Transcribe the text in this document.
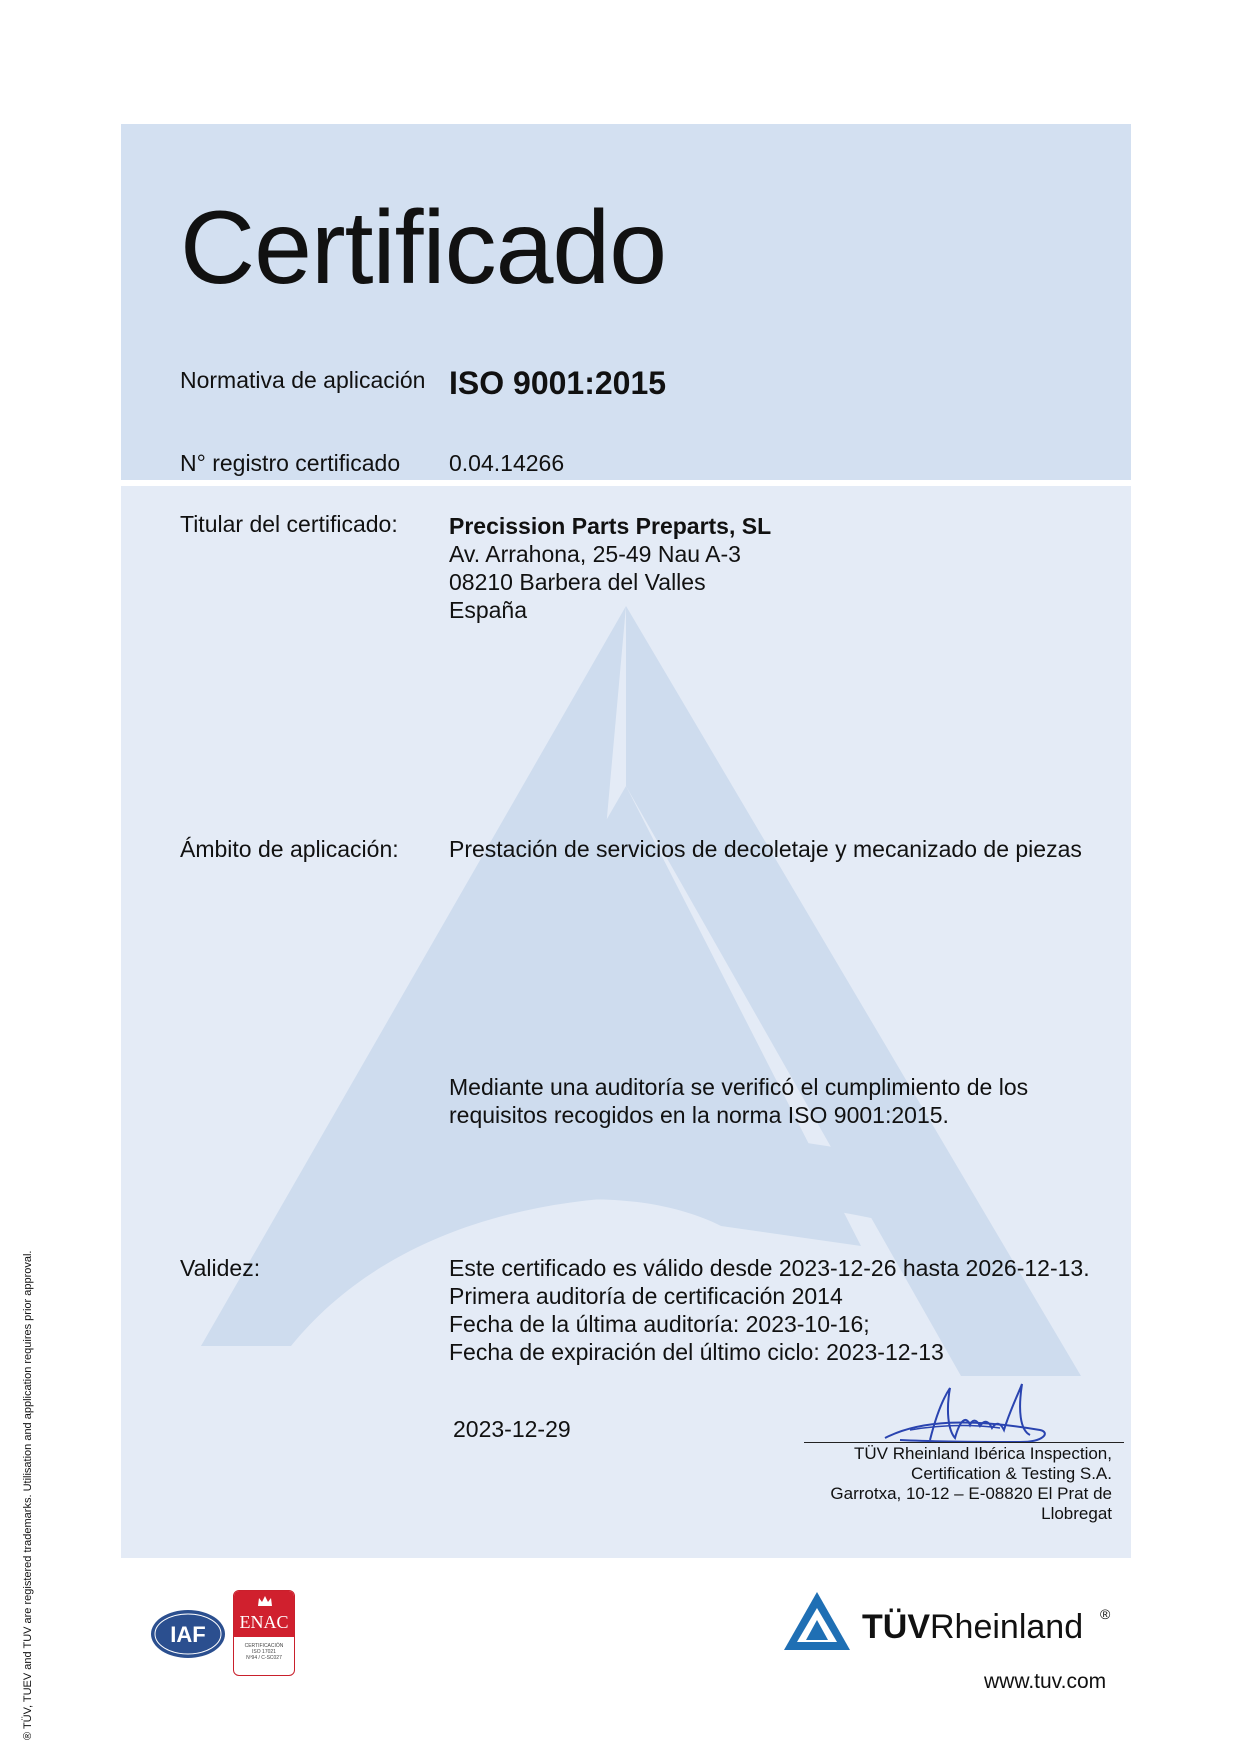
Certificado
Normativa de aplicación ISO 9001:2015
N° registro certificado 0.04.14266
Titular del certificado: Precission Parts Preparts, SL
Av. Arrahona, 25-49 Nau A-3
08210 Barbera del Valles
España
Ámbito de aplicación: Prestación de servicios de decoletaje y mecanizado de piezas
Mediante una auditoría se verificó el cumplimiento de los
requisitos recogidos en la norma ISO 9001:2015.
Validez:	Este certificado es válido desde 2023-12-26 hasta 2026-12-13.
Primera auditoría de certificación 2014
Fecha de la última auditoría: 2023-10-16;
Fecha de expiración del último ciclo: 2023-12-13
2023-12-29
TÜV Rheinland Ibérica Inspection,
Certification & Testing S.A.
Garrotxa, 10-12 – E-08820 El Prat de
Llobregat
® TÜV, TUEV and TUV are registered trademarks. Utilisation and application requires prior approval.	IAF	ENAC
CERTIFICACIÓN
ISO 17021
Nº94 / C-SC027
TÜVRheinland ®
www.tuv.com
